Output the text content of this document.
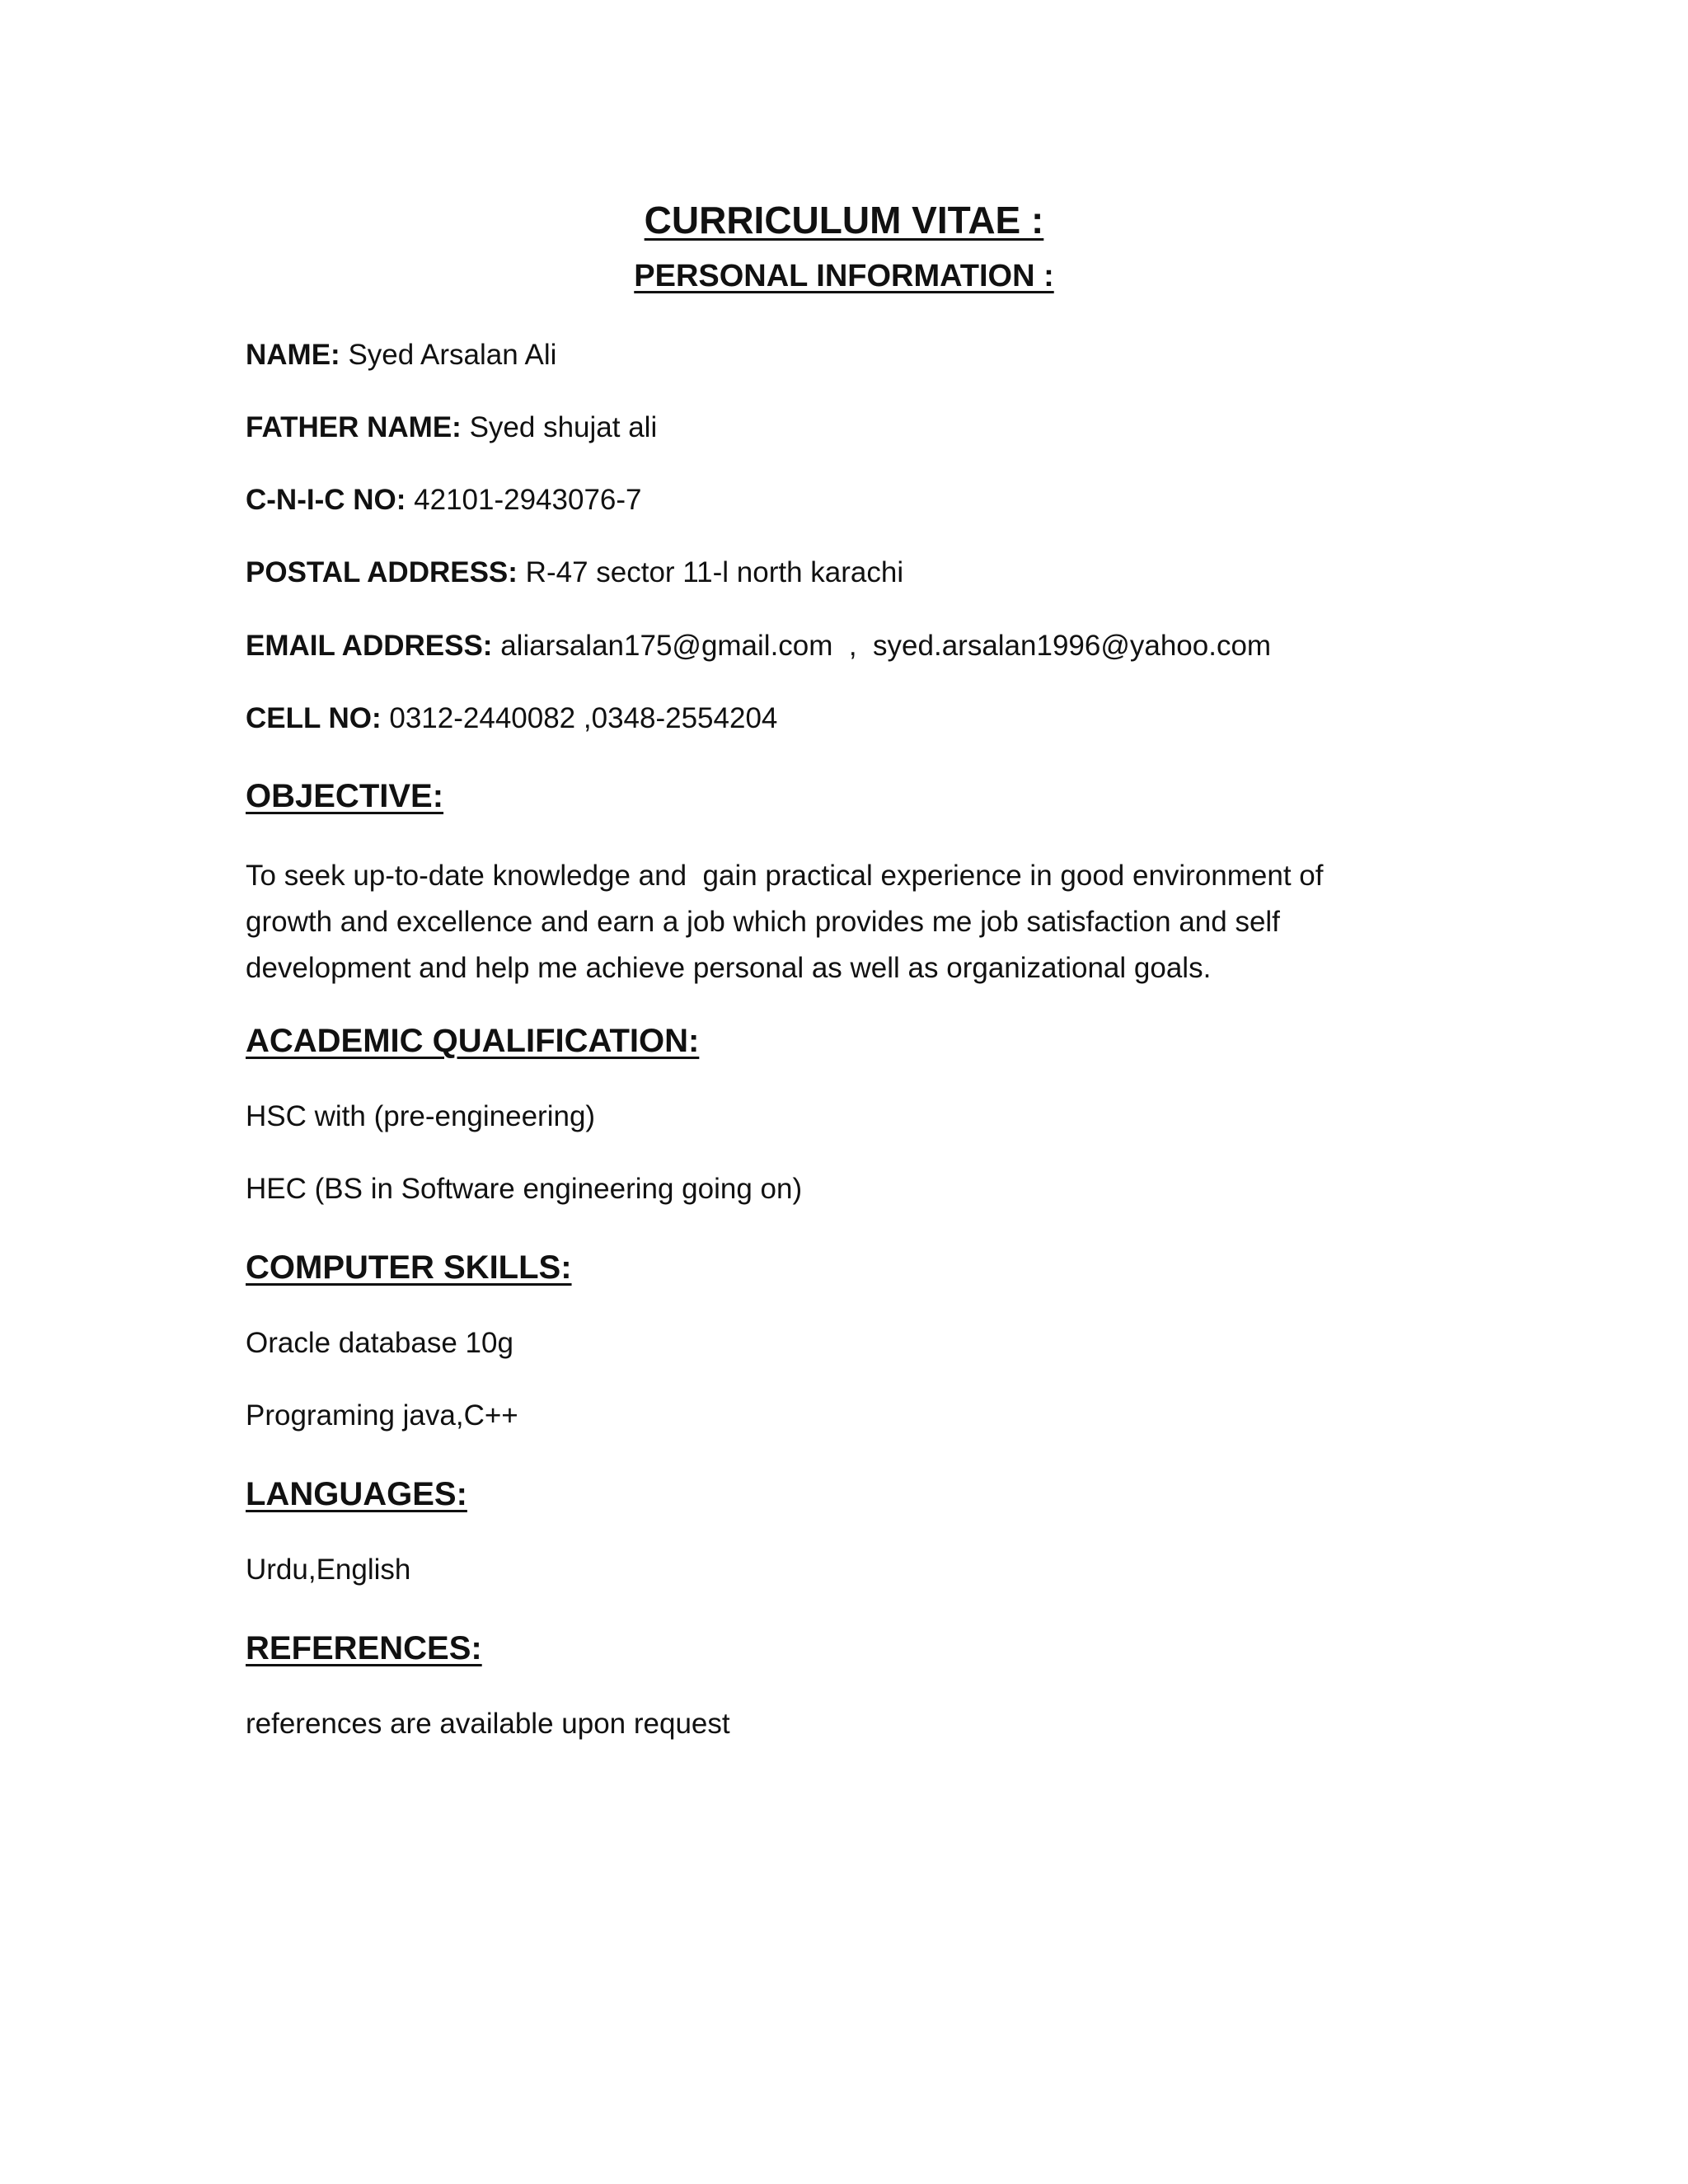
CURRICULUM VITAE :
PERSONAL INFORMATION :
NAME: Syed Arsalan Ali
FATHER NAME: Syed shujat ali
C-N-I-C NO: 42101-2943076-7
POSTAL ADDRESS: R-47 sector 11-l north karachi
EMAIL ADDRESS: aliarsalan175@gmail.com  ,  syed.arsalan1996@yahoo.com
CELL NO: 0312-2440082 ,0348-2554204
OBJECTIVE:
To seek up-to-date knowledge and  gain practical experience in good environment of
growth and excellence and earn a job which provides me job satisfaction and self
development and help me achieve personal as well as organizational goals.
ACADEMIC QUALIFICATION:
HSC with (pre-engineering)
HEC (BS in Software engineering going on)
COMPUTER SKILLS:
Oracle database 10g
Programing java,C++
LANGUAGES:
Urdu,English
REFERENCES:
references are available upon request
